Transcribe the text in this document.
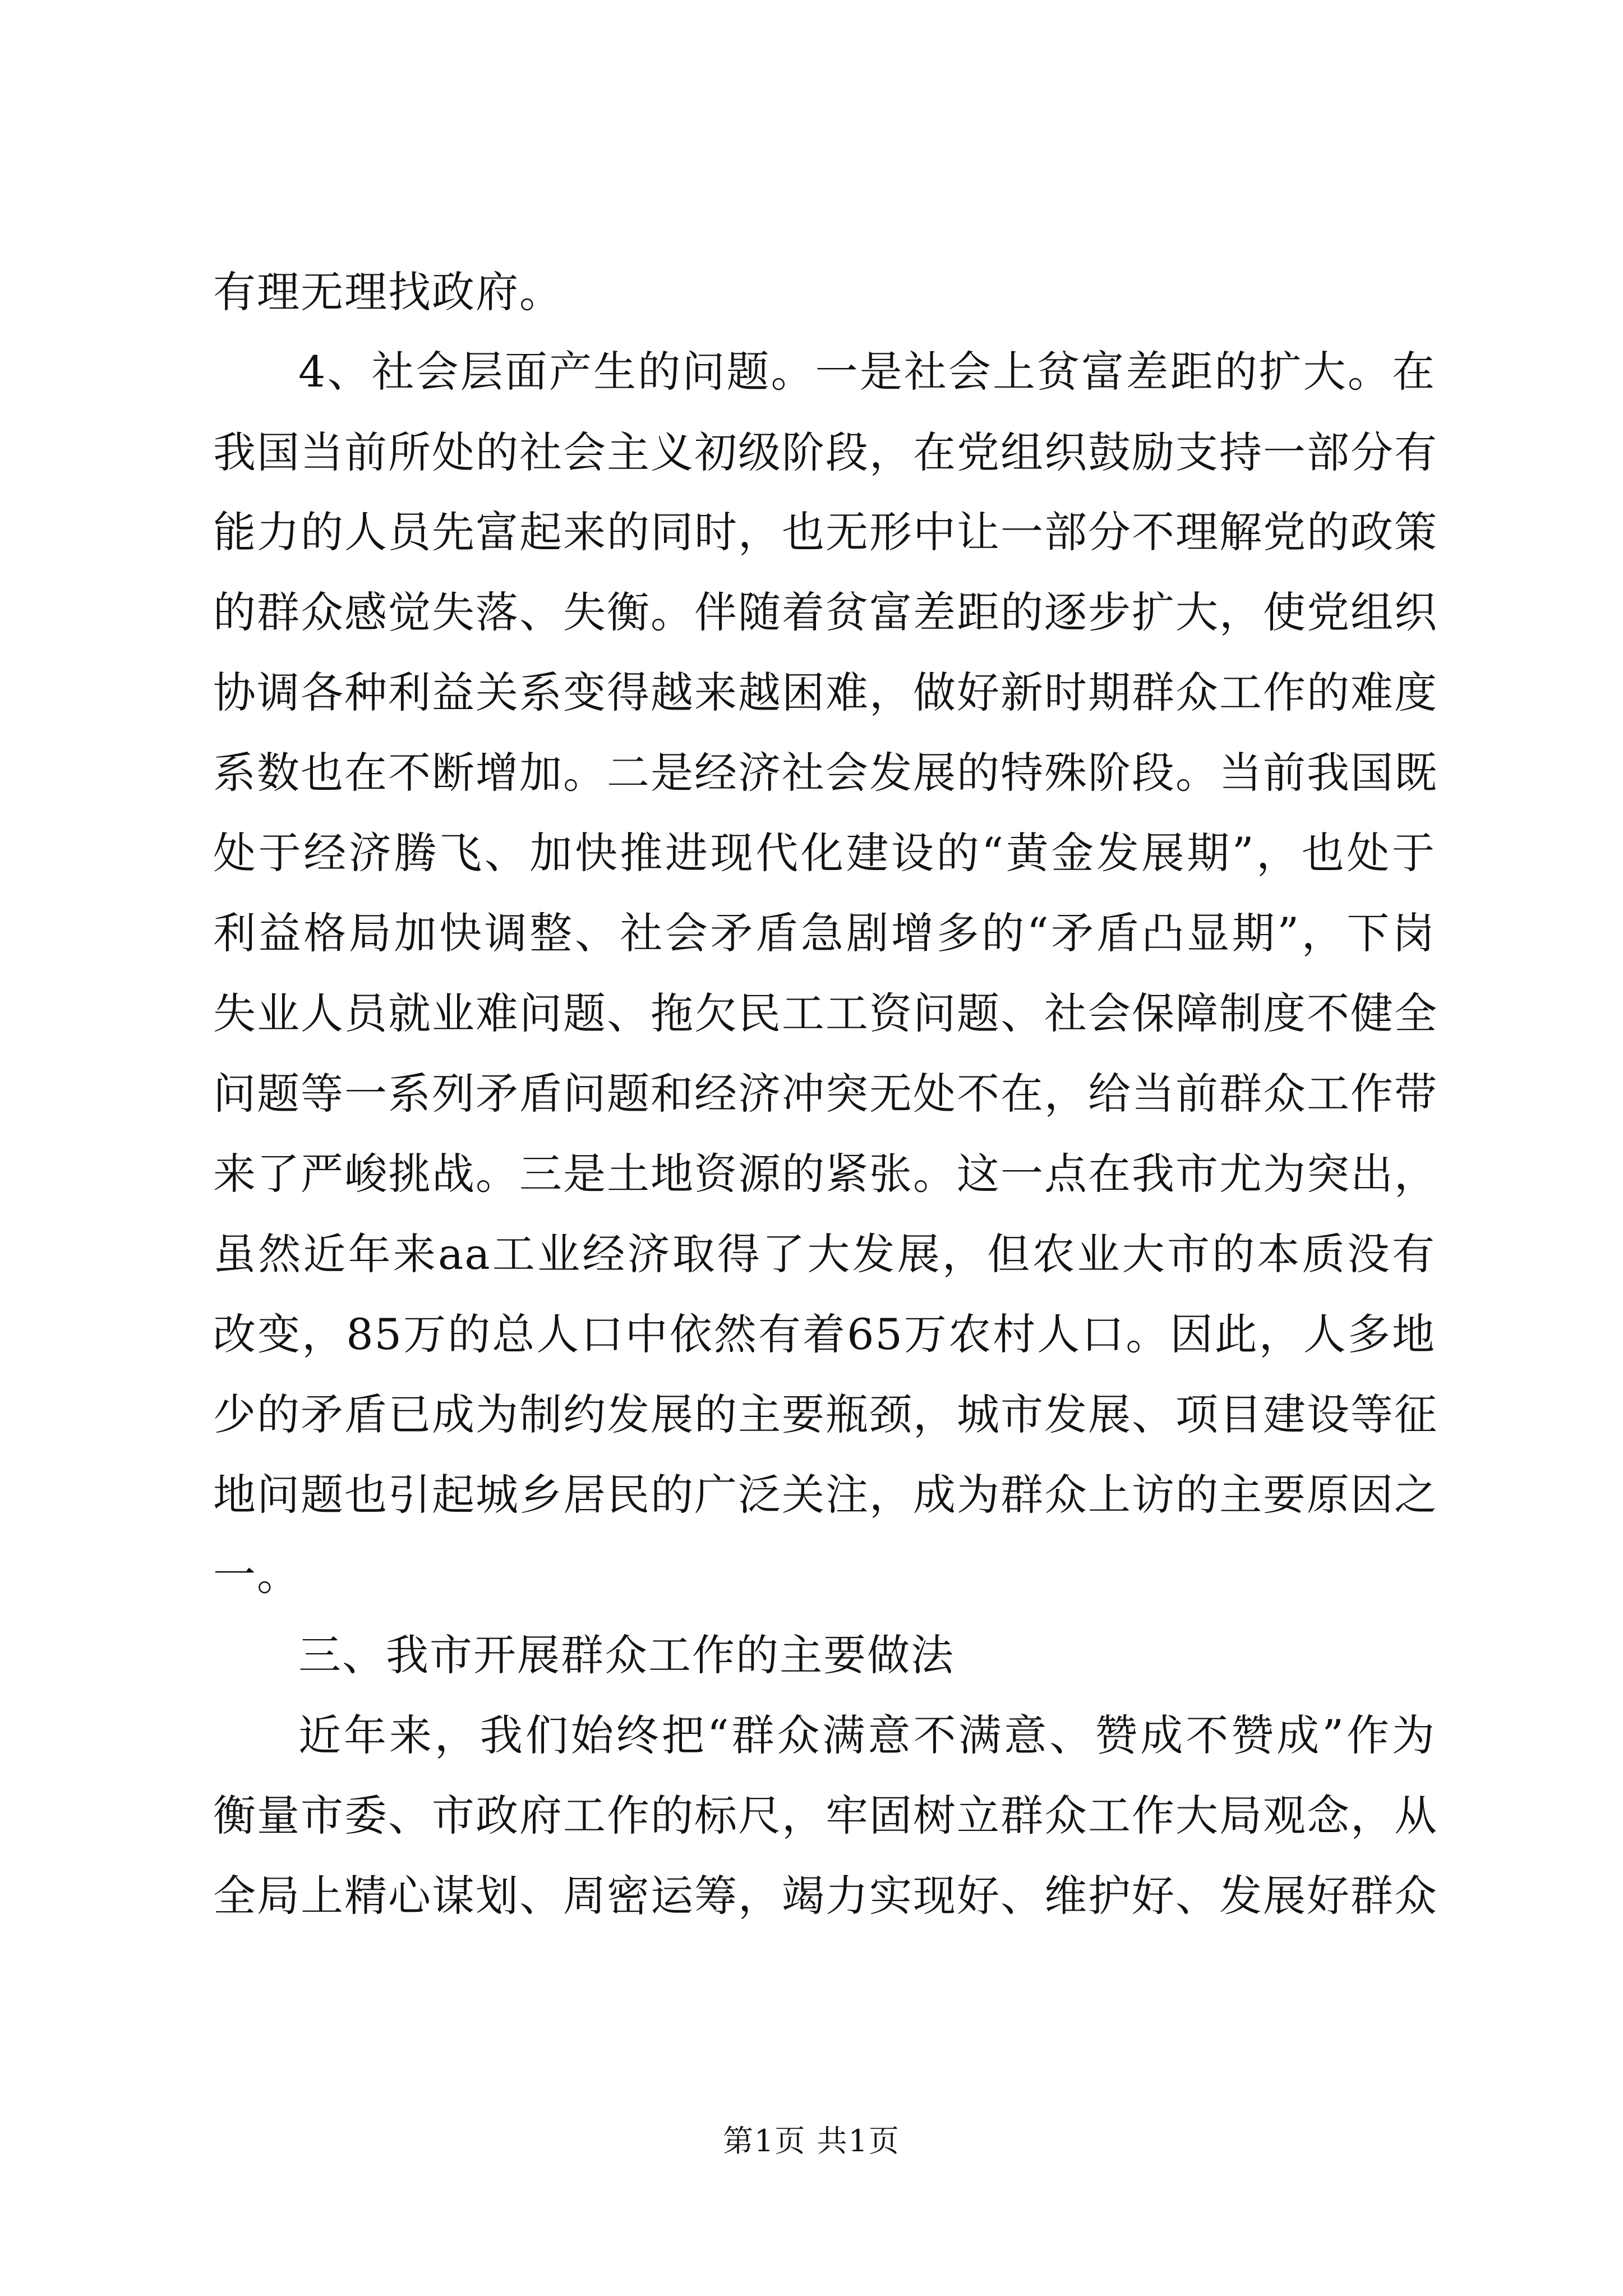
有理无理找政府。
4、社会层面产生的问题。一是社会上贫富差距的扩大。在
我国当前所处的社会主义初级阶段，在党组织鼓励支持一部分有
能力的人员先富起来的同时，也无形中让一部分不理解党的政策
的群众感觉失落、失衡。伴随着贫富差距的逐步扩大，使党组织
协调各种利益关系变得越来越困难，做好新时期群众工作的难度
系数也在不断增加。二是经济社会发展的特殊阶段。当前我国既
处于经济腾飞、加快推进现代化建设的“黄金发展期”，也处于
利益格局加快调整、社会矛盾急剧增多的“矛盾凸显期”，下岗
失业人员就业难问题、拖欠民工工资问题、社会保障制度不健全
问题等一系列矛盾问题和经济冲突无处不在，给当前群众工作带
来了严峻挑战。三是土地资源的紧张。这一点在我市尤为突出，
虽然近年来aa工业经济取得了大发展，但农业大市的本质没有
改变，85万的总人口中依然有着65万农村人口。因此，人多地
少的矛盾已成为制约发展的主要瓶颈，城市发展、项目建设等征
地问题也引起城乡居民的广泛关注，成为群众上访的主要原因之
一。
三、我市开展群众工作的主要做法
近年来，我们始终把“群众满意不满意、赞成不赞成”作为
衡量市委、市政府工作的标尺，牢固树立群众工作大局观念，从
全局上精心谋划、周密运筹，竭力实现好、维护好、发展好群众
第1页 共1页
